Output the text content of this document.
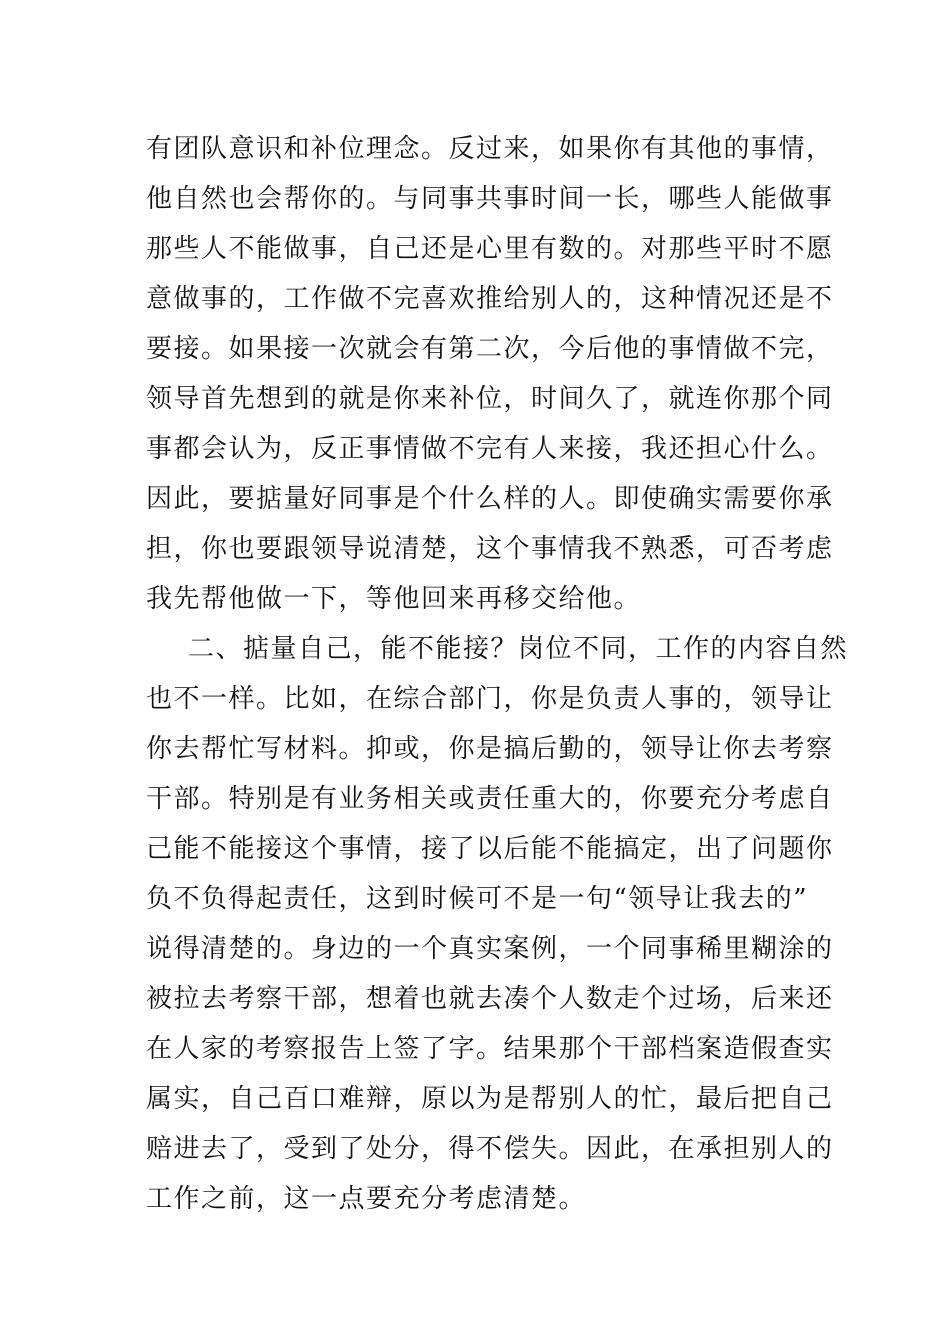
有团队意识和补位理念。反过来，如果你有其他的事情，
他自然也会帮你的。与同事共事时间一长，哪些人能做事
那些人不能做事，自己还是心里有数的。对那些平时不愿
意做事的，工作做不完喜欢推给别人的，这种情况还是不
要接。如果接一次就会有第二次，今后他的事情做不完，
领导首先想到的就是你来补位，时间久了，就连你那个同
事都会认为，反正事情做不完有人来接，我还担心什么。
因此，要掂量好同事是个什么样的人。即使确实需要你承
担，你也要跟领导说清楚，这个事情我不熟悉，可否考虑
我先帮他做一下，等他回来再移交给他。
二、掂量自己，能不能接？岗位不同，工作的内容自然
也不一样。比如，在综合部门，你是负责人事的，领导让
你去帮忙写材料。抑或，你是搞后勤的，领导让你去考察
干部。特别是有业务相关或责任重大的，你要充分考虑自
己能不能接这个事情，接了以后能不能搞定，出了问题你
负不负得起责任，这到时候可不是一句“领导让我去的”
说得清楚的。身边的一个真实案例，一个同事稀里糊涂的
被拉去考察干部，想着也就去凑个人数走个过场，后来还
在人家的考察报告上签了字。结果那个干部档案造假查实
属实，自己百口难辩，原以为是帮别人的忙，最后把自己
赔进去了，受到了处分，得不偿失。因此，在承担别人的
工作之前，这一点要充分考虑清楚。
